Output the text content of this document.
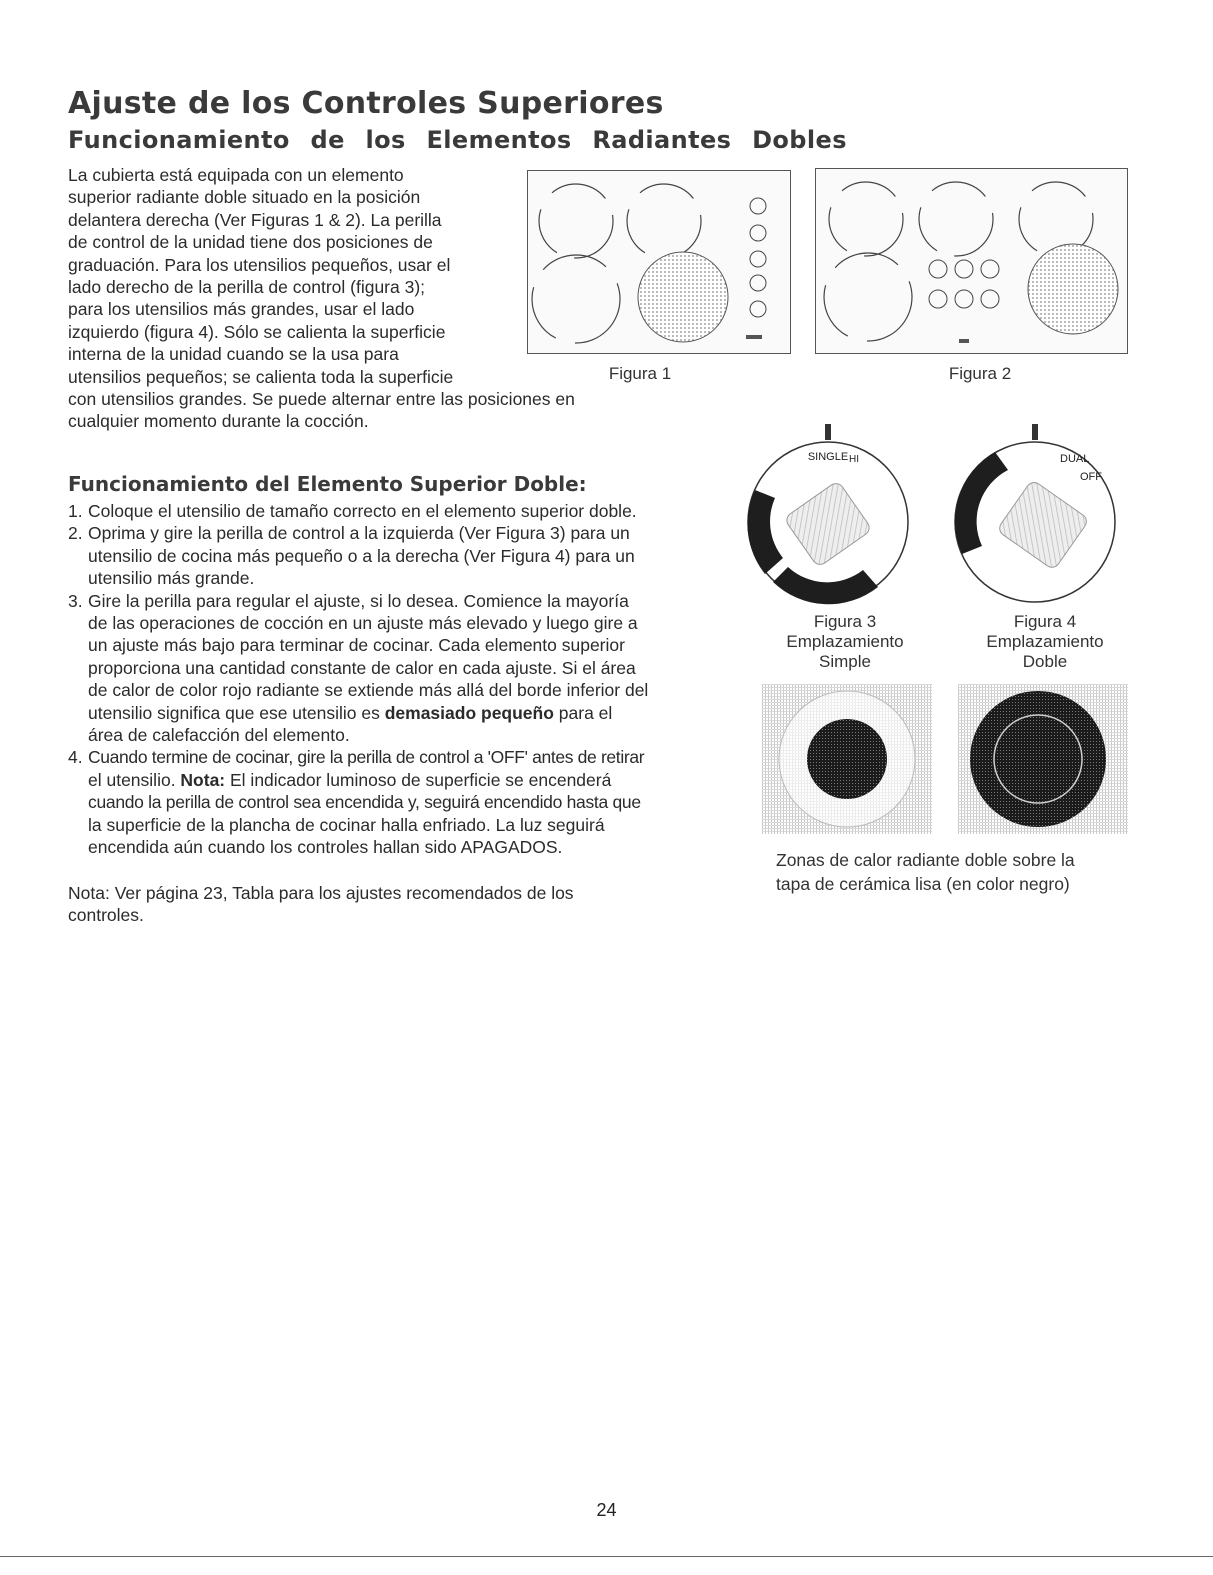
Ajuste de los Controles Superiores
Funcionamiento de los Elementos Radiantes Dobles
La cubierta está equipada con un elemento
superior radiante doble situado en la posición
delantera derecha (Ver Figuras 1 & 2). La perilla
de control de la unidad tiene dos posiciones de
graduación. Para los utensilios pequeños, usar el
lado derecho de la perilla de control (figura 3);
para los utensilios más grandes, usar el lado
izquierdo (figura 4). Sólo se calienta la superficie
interna de la unidad cuando se la usa para
utensilios pequeños; se calienta toda la superficie
con utensilios grandes. Se puede alternar entre las posiciones en
cualquier momento durante la cocción.
Funcionamiento del Elemento Superior Doble:
1. Coloque el utensilio de tamaño correcto en el elemento superior doble.
2. Oprima y gire la perilla de control a la izquierda (Ver Figura 3) para un
utensilio de cocina más pequeño o a la derecha (Ver Figura 4) para un
utensilio más grande.
3. Gire la perilla para regular el ajuste, si lo desea. Comience la mayoría
de las operaciones de cocción en un ajuste más elevado y luego gire a
un ajuste más bajo para terminar de cocinar. Cada elemento superior
proporciona una cantidad constante de calor en cada ajuste. Si el área
de calor de color rojo radiante se extiende más allá del borde inferior del
utensilio significa que ese utensilio es demasiado pequeño para el
área de calefacción del elemento.
4. Cuando termine de cocinar, gire la perilla de control a 'OFF' antes de retirar
el utensilio. Nota: El indicador luminoso de superficie se encenderá
cuando la perilla de control sea encendida y, seguirá encendido hasta que
la superficie de la plancha de cocinar halla enfriado. La luz seguirá
encendida aún cuando los controles hallan sido APAGADOS.
Nota: Ver página 23, Tabla para los ajustes recomendados de los
controles.
Figura 1	Figura 2
SINGLE HI
Figura 3
Emplazamiento
Simple
DUAL
OFF
Figura 4
Emplazamiento
Doble
Zonas de calor radiante doble sobre la
tapa de cerámica lisa (en color negro)
24
